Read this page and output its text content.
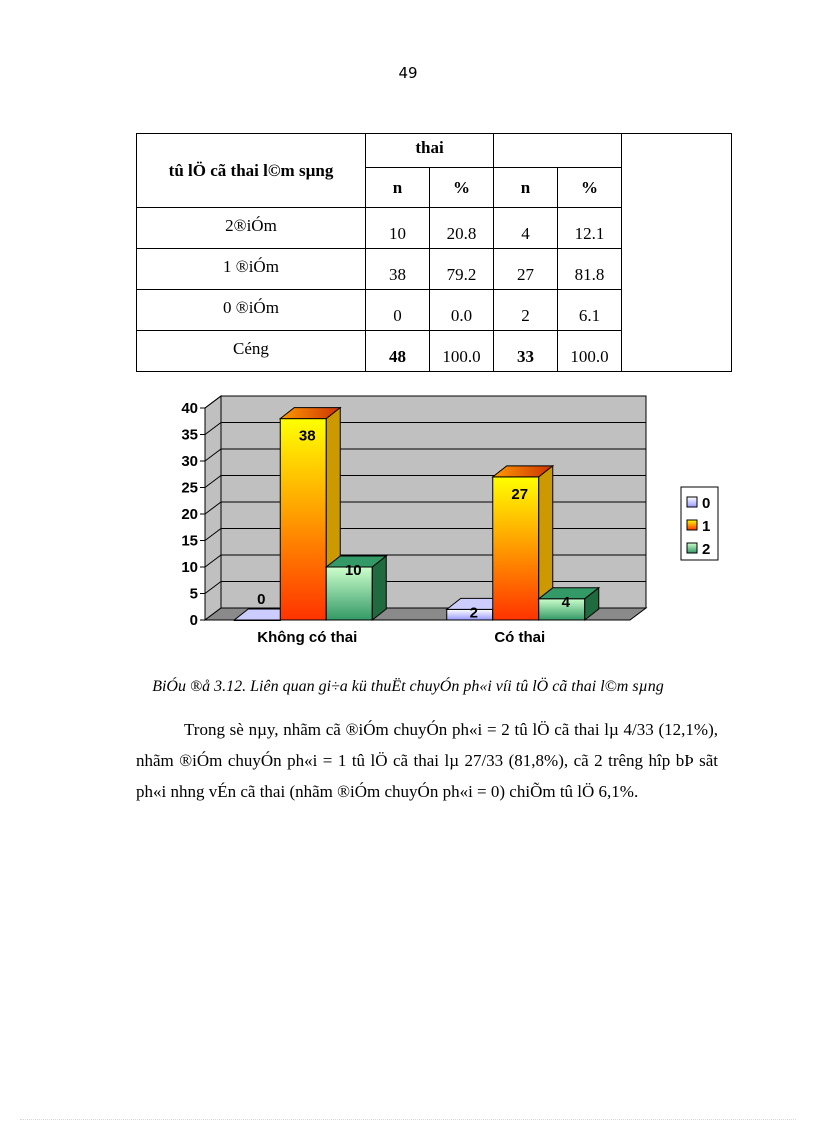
49
tû lÖ cã thai l©m sµng	thai				
	n	%	n	%	
2®iÓm	10	20.8	4	12.1	
1 ®iÓm	38	79.2	27	81.8	
0 ®iÓm	0	0.0	2	6.1	
Céng	48	100.0	33	100.0	
0
5
10
15
20
25
30
35
40
0
38
10
Không có thai
2
27
4
Có thai
0
1
2
BiÓu ®å 3.12. Liên quan gi÷a kü thuËt chuyÓn ph«i víi tû lÖ cã thai l©m sµng

Trong sè nµy, nhãm cã ®iÓm chuyÓn ph«i = 2 tû lÖ cã thai lµ 4/33 (12,1%), nhãm ®iÓm chuyÓn ph«i = 1 tû lÖ cã thai lµ 27/33 (81,8%), cã 2 trêng hîp bÞ sãt ph«i nhng vÉn cã thai (nhãm ®iÓm chuyÓn ph«i = 0) chiÕm tû lÖ 6,1%.
